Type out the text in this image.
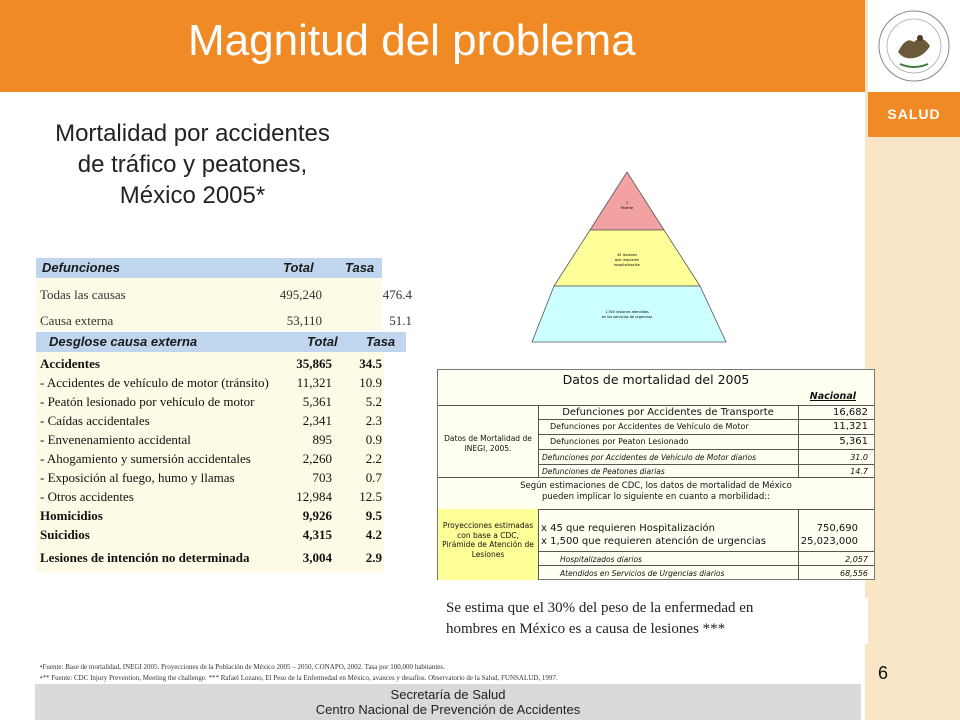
Magnitud del problema
SALUD
Mortalidad por accidentes
de tráfico y peatones,
México 2005*
Defunciones	Total Tasa
Todas las causas	495,240	476.4
Causa externa	53,110	51.1
Desglose causa externa	Total Tasa
Accidentes	35,865 34.5
- Accidentes de vehículo de motor (tránsito) 11,321 10.9
- Peatón lesionado por vehículo de motor	5,361	5.2
- Caídas accidentales	2,341	2.3
- Envenenamiento accidental	895	0.9
- Ahogamiento y sumersión accidentales	2,260	2.2
- Exposición al fuego, humo y llamas	703	0.7
- Otros accidentes	12,984 12.5
Homicidios	9,926	9.5
Suicidios	4,315	4.2
Lesiones de intención no determinada	3,004	2.9
1
Muerte
45 lesiones
que requieren
hospitalización
1,500 lesiones atendidas
en los servicios de urgencias
Datos de mortalidad del 2005
Nacional
Datos de Mortalidad de
INEGI, 2005.
Defunciones por Accidentes de Transporte	16,682
Defunciones por Accidentes de Vehículo de Motor	11,321
Defunciones por Peaton Lesionado	5,361
Defunciones por Accidentes de Vehículo de Motor diarios	31.0
Defunciones de Peatones diarias	14.7
Según estimaciones de CDC, los datos de mortalidad de México
pueden implicar lo siguiente en cuanto a morbilidad::
Proyecciones estimadas
con base a CDC,
Pirámide de Atención de
Lesiones
x 45 que requieren Hospitalización	750,690
x 1,500 que requieren atención de urgencias	25,023,000
Hospitalizados diarios	2,057
Atendidos en Servicios de Urgencias diarios	68,556
Se estima que el 30% del peso de la enfermedad en
hombres en México es a causa de lesiones ***
•Fuente: Base de mortalidad, INEGI 2005. Proyecciones de la Población de México 2005 – 2050, CONAPO, 2002. Tasa por 100,000 habitantes.
•** Fuente: CDC Injury Prevention, Meeting the challenge. *** Rafael Lozano, El Peso de la Enfermedad en México, avances y desafíos. Observatorio de la Salud, FUNSALUD, 1997.	6
Secretaría de Salud
Centro Nacional de Prevención de Accidentes
